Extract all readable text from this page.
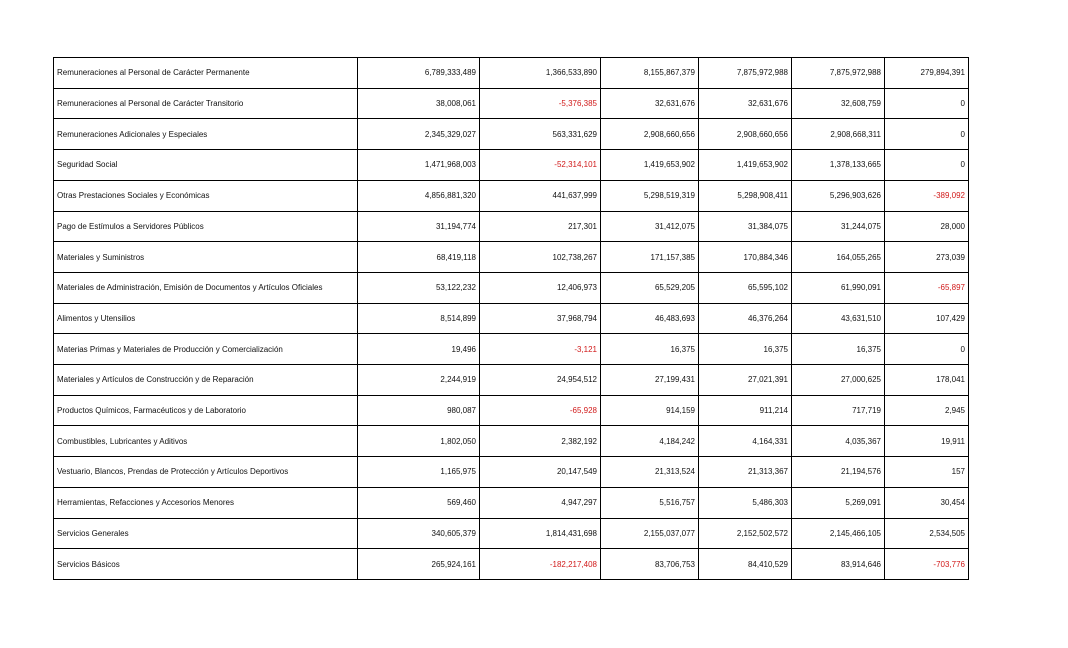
Remuneraciones al Personal de Carácter Permanente	6,789,333,489	1,366,533,890	8,155,867,379	7,875,972,988	7,875,972,988	279,894,391
Remuneraciones al Personal de Carácter Transitorio	38,008,061	-5,376,385	32,631,676	32,631,676	32,608,759	0
Remuneraciones Adicionales y Especiales	2,345,329,027	563,331,629	2,908,660,656	2,908,660,656	2,908,668,311	0
Seguridad Social	1,471,968,003	-52,314,101	1,419,653,902	1,419,653,902	1,378,133,665	0
Otras Prestaciones Sociales y Económicas	4,856,881,320	441,637,999	5,298,519,319	5,298,908,411	5,296,903,626	-389,092
Pago de Estímulos a Servidores Públicos	31,194,774	217,301	31,412,075	31,384,075	31,244,075	28,000
Materiales y Suministros	68,419,118	102,738,267	171,157,385	170,884,346	164,055,265	273,039
Materiales de Administración, Emisión de Documentos y Artículos Oficiales	53,122,232	12,406,973	65,529,205	65,595,102	61,990,091	-65,897
Alimentos y Utensilios	8,514,899	37,968,794	46,483,693	46,376,264	43,631,510	107,429
Materias Primas y Materiales de Producción y Comercialización	19,496	-3,121	16,375	16,375	16,375	0
Materiales y Artículos de Construcción y de Reparación	2,244,919	24,954,512	27,199,431	27,021,391	27,000,625	178,041
Productos Químicos, Farmacéuticos y de Laboratorio	980,087	-65,928	914,159	911,214	717,719	2,945
Combustibles, Lubricantes y Aditivos	1,802,050	2,382,192	4,184,242	4,164,331	4,035,367	19,911
Vestuario, Blancos, Prendas de Protección y Artículos Deportivos	1,165,975	20,147,549	21,313,524	21,313,367	21,194,576	157
Herramientas, Refacciones y Accesorios Menores	569,460	4,947,297	5,516,757	5,486,303	5,269,091	30,454
Servicios Generales	340,605,379	1,814,431,698	2,155,037,077	2,152,502,572	2,145,466,105	2,534,505
Servicios Básicos	265,924,161	-182,217,408	83,706,753	84,410,529	83,914,646	-703,776
